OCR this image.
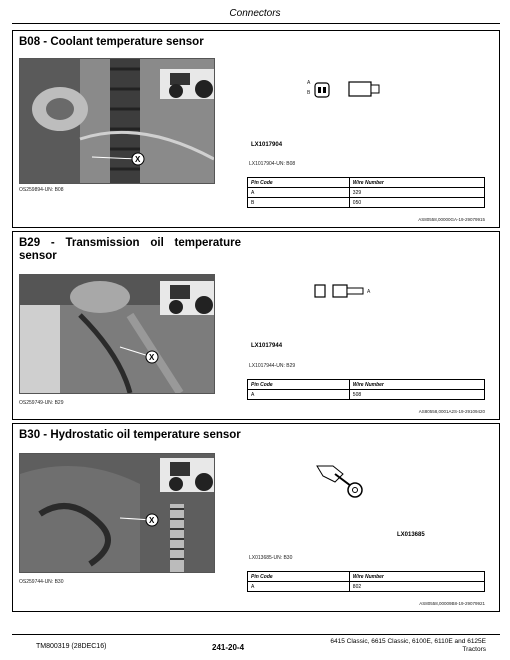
Connectors
B08 - Coolant temperature sensor
X
OS259894-UN: B08
A
B
LX1017904
LX1017904-UN: B08
Pin Code	Wire Number
A	329
B	050
AS80558,00000GA-19-29079915
B29 - Transmission oil temperature
sensor
X
OS259749-UN: B29
A
LX1017944
LX1017944-UN: B29
Pin Code	Wire Number
A	508
AS80558,0001A2S-19-29109420
B30 - Hydrostatic oil temperature sensor
X
OS259744-UN: B30
LX013685
LX013685-UN: B30
Pin Code	Wire Number
A	802
AS80558,00009B8-19-29079921
TM800319 (28DEC16)	241-20-4
6415 Classic, 6615 Classic, 6100E, 6110E and 6125E
Tractors
